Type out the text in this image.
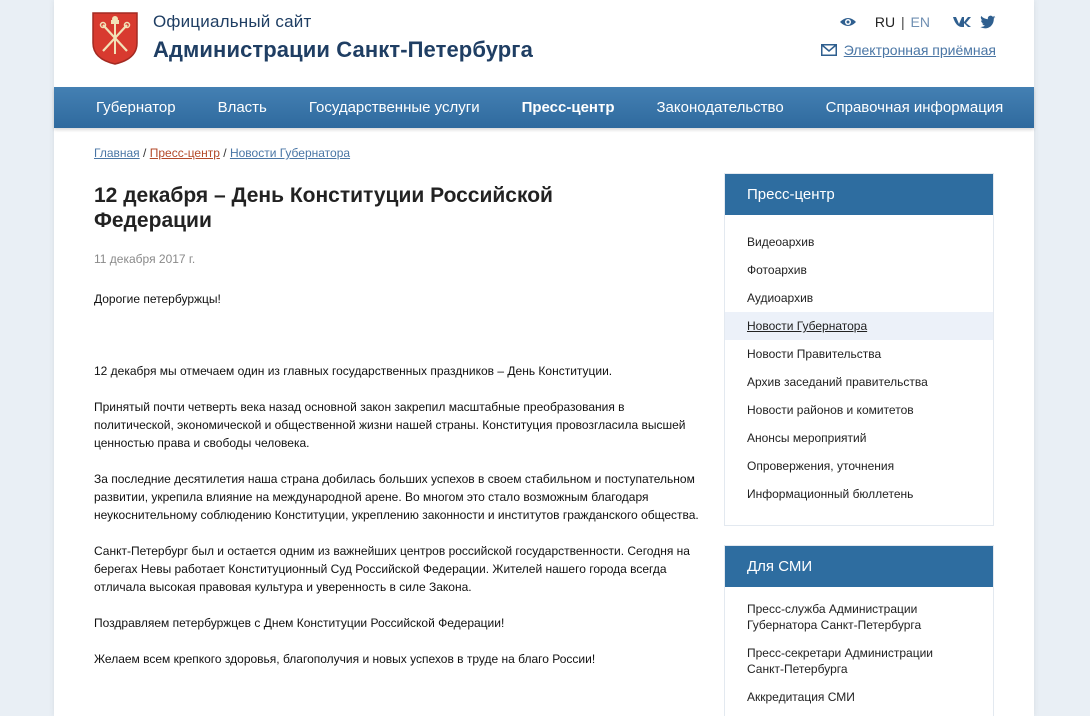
Официальный сайт
Администрации Санкт-Петербурга
RU | EN
Электронная приёмная
Губернатор	Власть	Государственные услуги	Пресс-центр	Законодательство	Справочная информация
Главная / Пресс-центр / Новости Губернатора
12 декабря – День Конституции Российской Федерации
11 декабря 2017 г.

Дорогие петербуржцы!

12 декабря мы отмечаем один из главных государственных праздников – День Конституции.

Принятый почти четверть века назад основной закон закрепил масштабные преобразования в политической, экономической и общественной жизни нашей страны. Конституция провозгласила высшей ценностью права и свободы человека.

За последние десятилетия наша страна добилась больших успехов в своем стабильном и поступательном развитии, укрепила влияние на международной арене. Во многом это стало возможным благодаря неукоснительному соблюдению Конституции, укреплению законности и институтов гражданского общества.

Санкт-Петербург был и остается одним из важнейших центров российской государственности. Сегодня на берегах Невы работает Конституционный Суд Российской Федерации. Жителей нашего города всегда отличала высокая правовая культура и уверенность в силе Закона.

Поздравляем петербуржцев с Днем Конституции Российской Федерации!

Желаем всем крепкого здоровья, благополучия и новых успехов в труде на благо России!

Пресс-центр
Видеоархив
Фотоархив
Аудиоархив
Новости Губернатора
Новости Правительства
Архив заседаний правительства
Новости районов и комитетов
Анонсы мероприятий
Опровержения, уточнения
Информационный бюллетень
Для СМИ
Пресс-служба Администрации Губернатора Санкт-Петербурга
Пресс-секретари Администрации Санкт-Петербурга
Аккредитация СМИ
